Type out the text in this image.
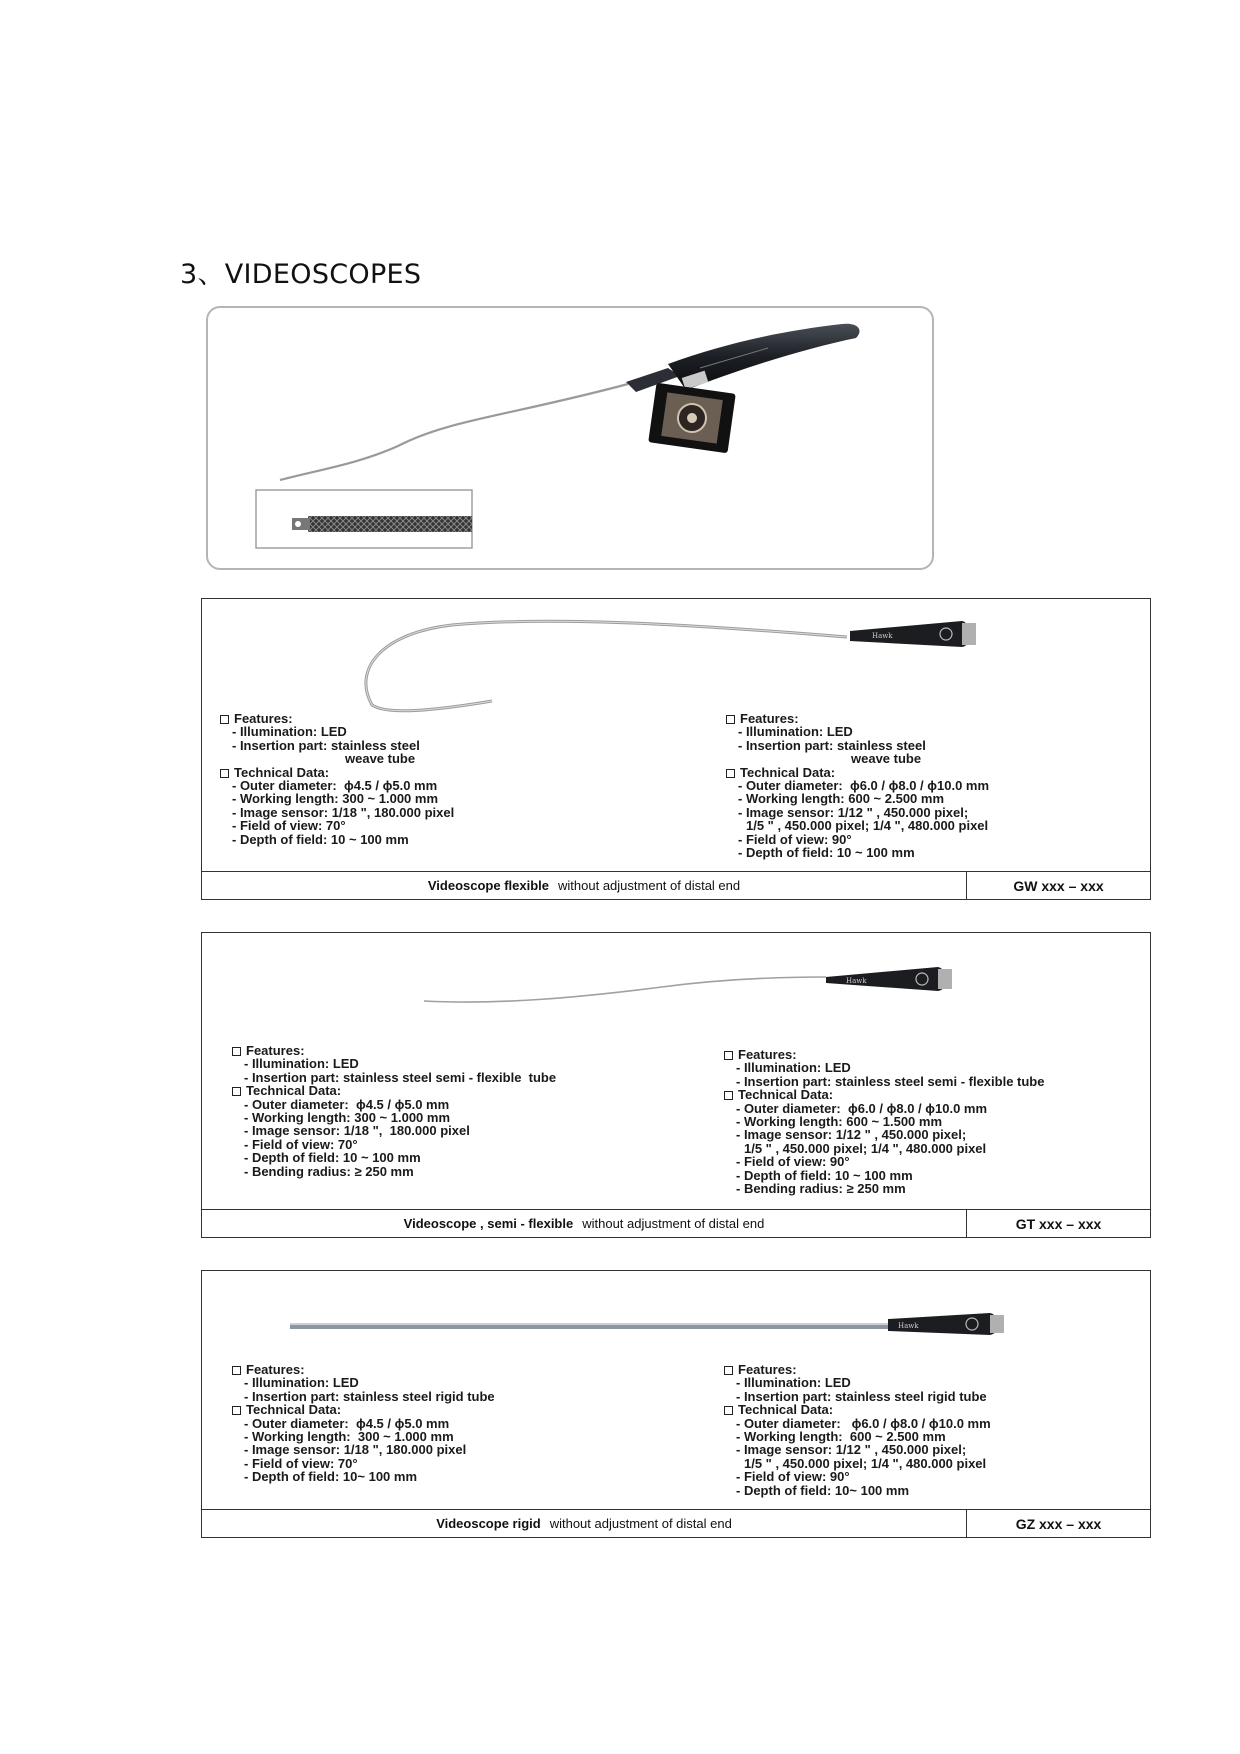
3、VIDEOSCOPES
Hawk
Features:
- Illumination: LED
- Insertion part: stainless steel
weave tube
Technical Data:
- Outer diameter:  ϕ4.5 / ϕ5.0 mm
- Working length: 300 ~ 1.000 mm
- Image sensor: 1/18 ", 180.000 pixel
- Field of view: 70°
- Depth of field: 10 ~ 100 mm
Features:
- Illumination: LED
- Insertion part: stainless steel
weave tube
Technical Data:
- Outer diameter:  ϕ6.0 / ϕ8.0 / ϕ10.0 mm
- Working length: 600 ~ 2.500 mm
- Image sensor: 1/12 " , 450.000 pixel;
1/5 " , 450.000 pixel; 1/4 ", 480.000 pixel
- Field of view: 90°
- Depth of field: 10 ~ 100 mm
Videoscope flexible without adjustment of distal end	GW xxx – xxx
Hawk
Features:
- Illumination: LED
- Insertion part: stainless steel semi - flexible  tube
Technical Data:
- Outer diameter:  ϕ4.5 / ϕ5.0 mm
- Working length: 300 ~ 1.000 mm
- Image sensor: 1/18 ",  180.000 pixel
- Field of view: 70°
- Depth of field: 10 ~ 100 mm
- Bending radius: ≥ 250 mm
Features:
- Illumination: LED
- Insertion part: stainless steel semi - flexible tube
Technical Data:
- Outer diameter:  ϕ6.0 / ϕ8.0 / ϕ10.0 mm
- Working length: 600 ~ 1.500 mm
- Image sensor: 1/12 " , 450.000 pixel;
1/5 " , 450.000 pixel; 1/4 ", 480.000 pixel
- Field of view: 90°
- Depth of field: 10 ~ 100 mm
- Bending radius: ≥ 250 mm
Videoscope , semi - flexible without adjustment of distal end	GT xxx – xxx
Hawk
Features:
- Illumination: LED
- Insertion part: stainless steel rigid tube
Technical Data:
- Outer diameter:  ϕ4.5 / ϕ5.0 mm
- Working length:  300 ~ 1.000 mm
- Image sensor: 1/18 ", 180.000 pixel
- Field of view: 70°
- Depth of field: 10~ 100 mm
Features:
- Illumination: LED
- Insertion part: stainless steel rigid tube
Technical Data:
- Outer diameter:   ϕ6.0 / ϕ8.0 / ϕ10.0 mm
- Working length:  600 ~ 2.500 mm
- Image sensor: 1/12 " , 450.000 pixel;
1/5 " , 450.000 pixel; 1/4 ", 480.000 pixel
- Field of view: 90°
- Depth of field: 10~ 100 mm
Videoscope rigid without adjustment of distal end	GZ xxx – xxx
